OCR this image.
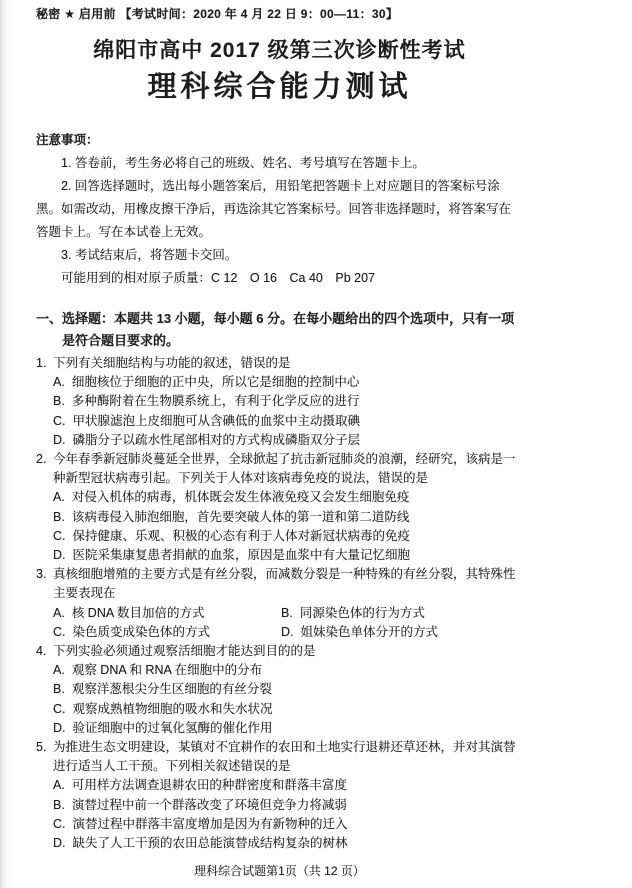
秘密 ★ 启用前 【考试时间：2020 年 4 月 22 日 9：00—11：30】
绵阳市高中 2017 级第三次诊断性考试
理科综合能力测试
注意事项：
1. 答卷前，考生务必将自己的班级、姓名、考号填写在答题卡上。
2. 回答选择题时，选出每小题答案后，用铅笔把答题卡上对应题目的答案标号涂黑。如需改动，用橡皮擦干净后，再选涂其它答案标号。回答非选择题时，将答案写在答题卡上。写在本试卷上无效。
3. 考试结束后，将答题卡交回。
可能用到的相对原子质量：C 12　O 16　Ca 40　Pb 207
一、选择题：本题共 13 小题，每小题 6 分。在每小题给出的四个选项中，只有一项是符合题目要求的。
1. 下列有关细胞结构与功能的叙述，错误的是
A. 细胞核位于细胞的正中央，所以它是细胞的控制中心
B. 多种酶附着在生物膜系统上，有利于化学反应的进行
C. 甲状腺滤泡上皮细胞可从含碘低的血浆中主动摄取碘
D. 磷脂分子以疏水性尾部相对的方式构成磷脂双分子层
2. 今年春季新冠肺炎蔓延全世界，全球掀起了抗击新冠肺炎的浪潮，经研究，该病是一种新型冠状病毒引起。下列关于人体对该病毒免疫的说法，错误的是
A. 对侵入机体的病毒，机体既会发生体液免疫又会发生细胞免疫
B. 该病毒侵入肺泡细胞，首先要突破人体的第一道和第二道防线
C. 保持健康、乐观、积极的心态有利于人体对新冠状病毒的免疫
D. 医院采集康复患者捐献的血浆，原因是血浆中有大量记忆细胞
3. 真核细胞增殖的主要方式是有丝分裂，而减数分裂是一种特殊的有丝分裂，其特殊性主要表现在
A. 核 DNA 数目加倍的方式	B. 同源染色体的行为方式
C. 染色质变成染色体的方式	D. 姐妹染色单体分开的方式
4. 下列实验必须通过观察活细胞才能达到目的的是
A. 观察 DNA 和 RNA 在细胞中的分布
B. 观察洋葱根尖分生区细胞的有丝分裂
C. 观察成熟植物细胞的吸水和失水状况
D. 验证细胞中的过氧化氢酶的催化作用
5. 为推进生态文明建设，某镇对不宜耕作的农田和土地实行退耕还草还林，并对其演替进行适当人工干预。下列相关叙述错误的是
A. 可用样方法调查退耕农田的种群密度和群落丰富度
B. 演替过程中前一个群落改变了环境但竞争力将减弱
C. 演替过程中群落丰富度增加是因为有新物种的迁入
D. 缺失了人工干预的农田总能演替成结构复杂的树林
理科综合试题第1页（共 12 页）
